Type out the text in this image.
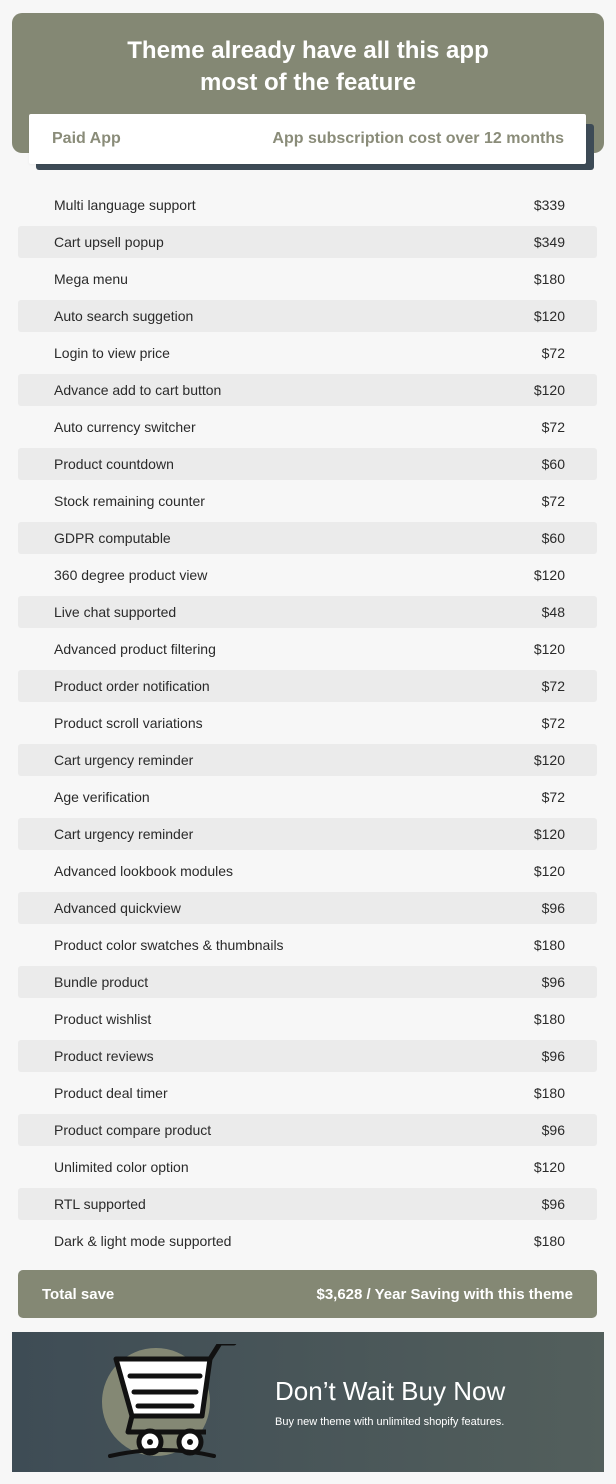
Theme already have all this app
most of the feature
Paid App	App subscription cost over 12 months
Multi language support	$339
Cart upsell popup	$349
Mega menu	$180
Auto search suggetion	$120
Login to view price	$72
Advance add to cart button	$120
Auto currency switcher	$72
Product countdown	$60
Stock remaining counter	$72
GDPR computable	$60
360 degree product view	$120
Live chat supported	$48
Advanced product filtering	$120
Product order notification	$72
Product scroll variations	$72
Cart urgency reminder	$120
Age verification	$72
Cart urgency reminder	$120
Advanced lookbook modules	$120
Advanced quickview	$96
Product color swatches & thumbnails	$180
Bundle product	$96
Product wishlist	$180
Product reviews	$96
Product deal timer	$180
Product compare product	$96
Unlimited color option	$120
RTL supported	$96
Dark & light mode supported	$180
Total save	$3,628 / Year Saving with this theme
Don’t Wait Buy Now
Buy new theme with unlimited shopify features.
